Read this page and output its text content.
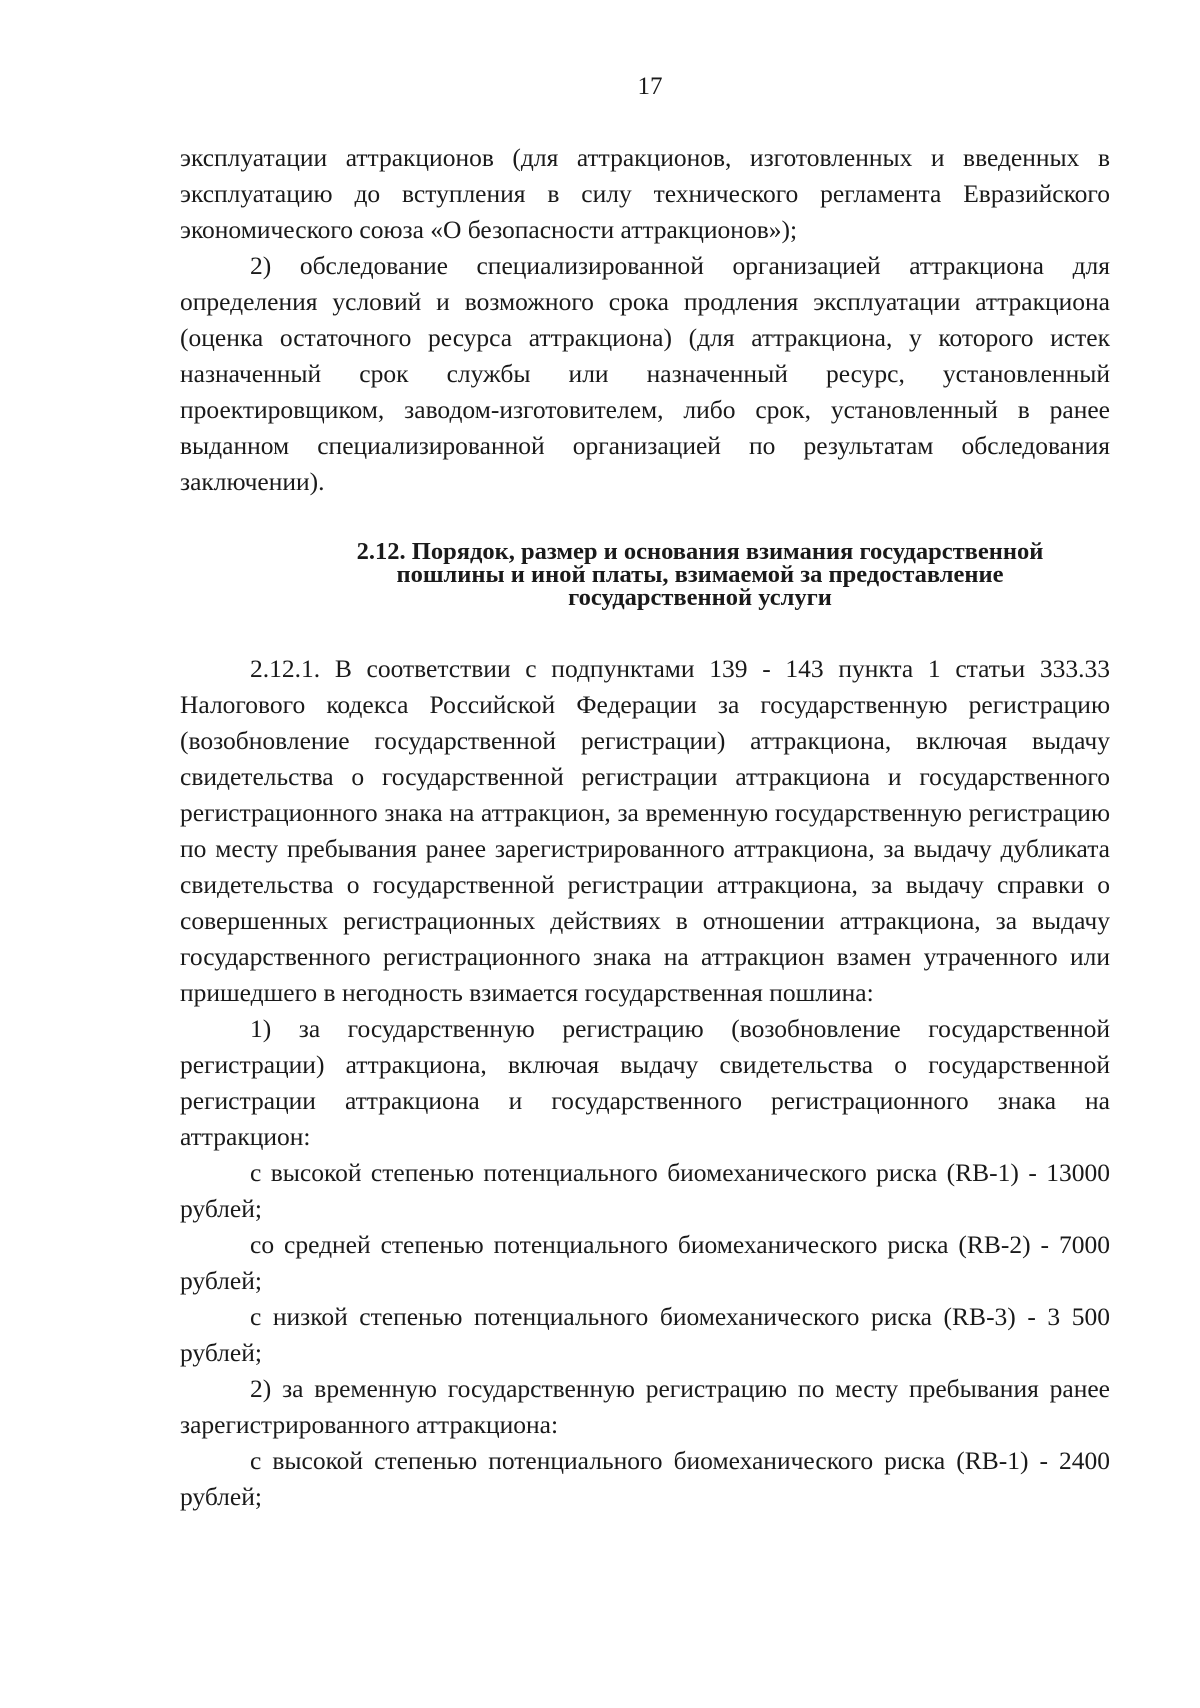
17

эксплуатации аттракционов (для аттракционов, изготовленных и введенных в эксплуатацию до вступления в силу технического регламента Евразийского экономического союза «О безопасности аттракционов»);

2) обследование специализированной организацией аттракциона для определения условий и возможного срока продления эксплуатации аттракциона (оценка остаточного ресурса аттракциона) (для аттракциона, у которого истек назначенный срок службы или назначенный ресурс, установленный проектировщиком, заводом-изготовителем, либо срок, установленный в ранее выданном специализированной организацией по результатам обследования заключении).

2.12. Порядок, размер и основания взимания государственной
пошлины и иной платы, взимаемой за предоставление
государственной услуги

2.12.1. В соответствии с подпунктами 139 - 143 пункта 1 статьи 333.33 Налогового кодекса Российской Федерации за государственную регистрацию (возобновление государственной регистрации) аттракциона, включая выдачу свидетельства о государственной регистрации аттракциона и государственного регистрационного знака на аттракцион, за временную государственную регистрацию по месту пребывания ранее зарегистрированного аттракциона, за выдачу дубликата свидетельства о государственной регистрации аттракциона, за выдачу справки о совершенных регистрационных действиях в отношении аттракциона, за выдачу государственного регистрационного знака на аттракцион взамен утраченного или пришедшего в негодность взимается государственная пошлина:

1) за государственную регистрацию (возобновление государственной регистрации) аттракциона, включая выдачу свидетельства о государственной регистрации аттракциона и государственного регистрационного знака на аттракцион:

с высокой степенью потенциального биомеханического риска (RB-1) - 13000 рублей;

со средней степенью потенциального биомеханического риска (RB-2) - 7000 рублей;

с низкой степенью потенциального биомеханического риска (RB-3) - 3 500 рублей;

2) за временную государственную регистрацию по месту пребывания ранее зарегистрированного аттракциона:

с высокой степенью потенциального биомеханического риска (RB-1) - 2400 рублей;
